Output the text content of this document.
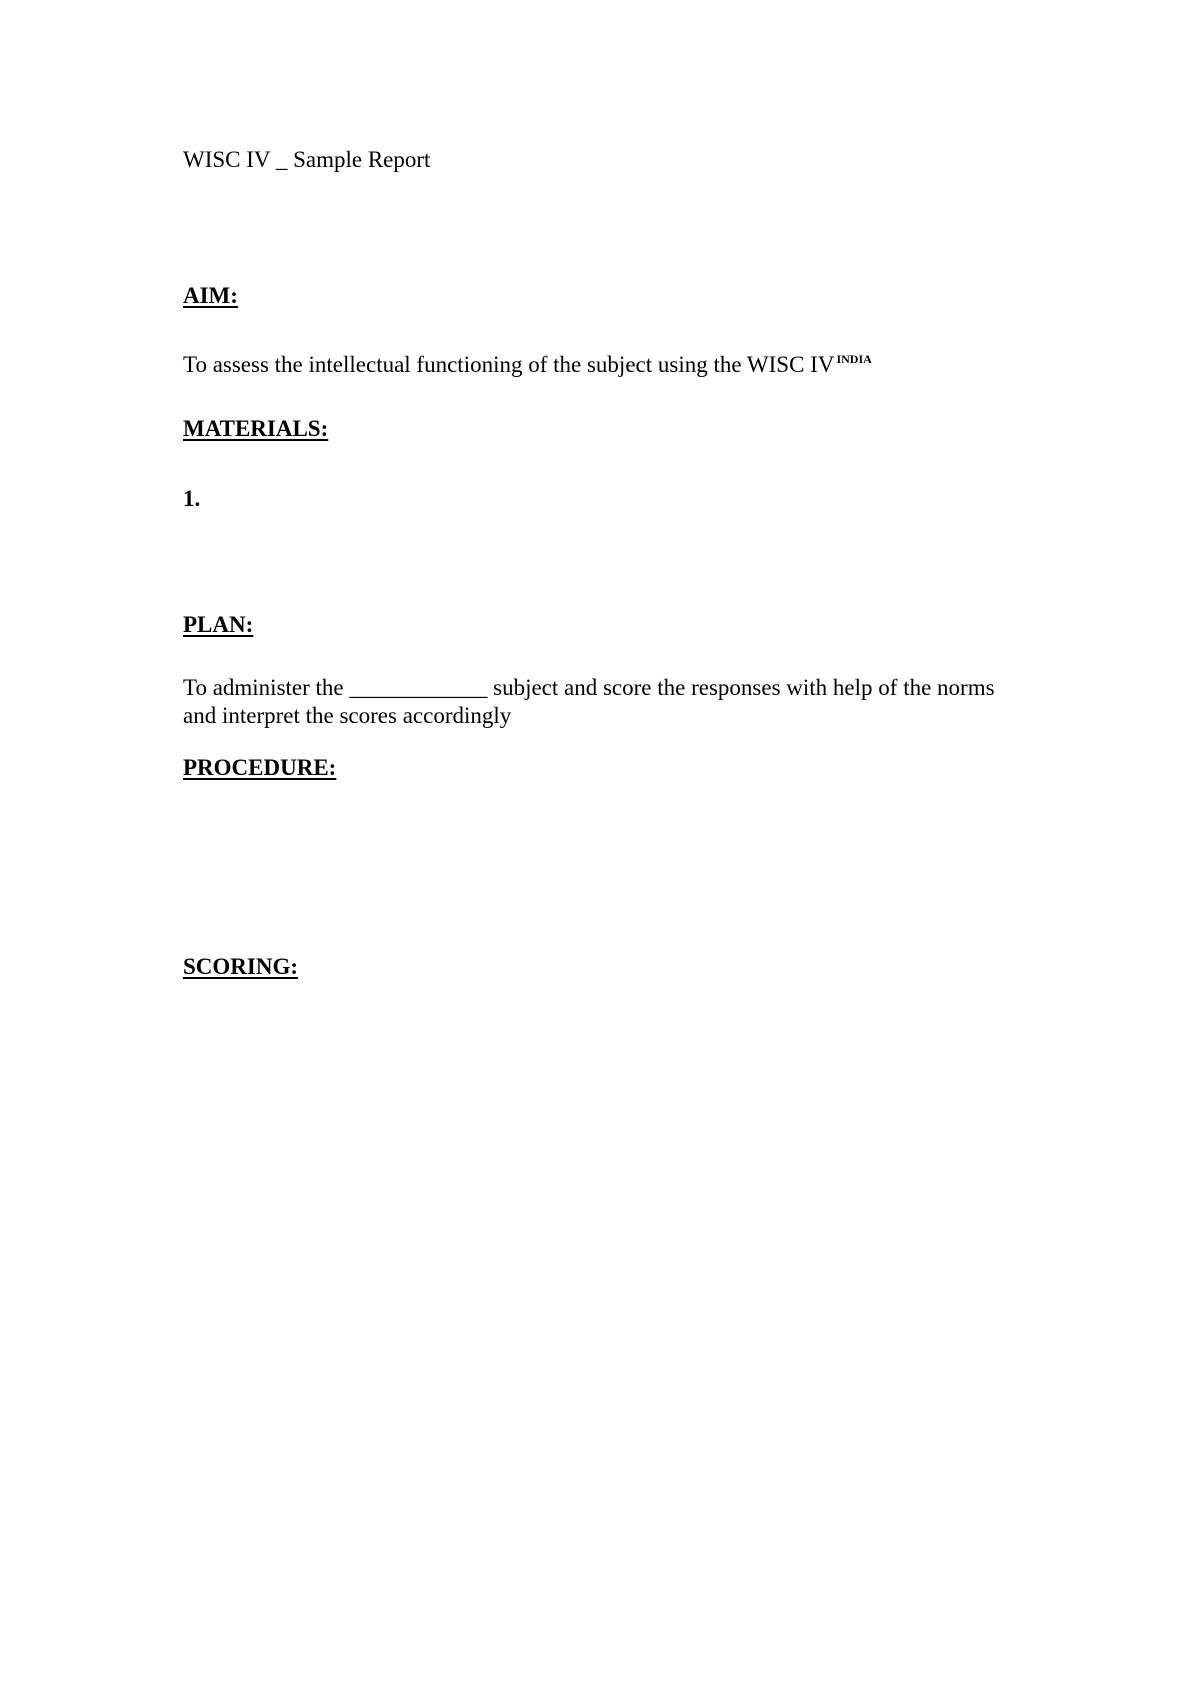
WISC IV _ Sample Report
AIM:
To assess the intellectual functioning of the subject using the WISC IV $^{INDIA}$
MATERIALS:
1.
PLAN:
To administer the ____________ subject and score the responses with help of the norms
and interpret the scores accordingly
PROCEDURE:
SCORING:
